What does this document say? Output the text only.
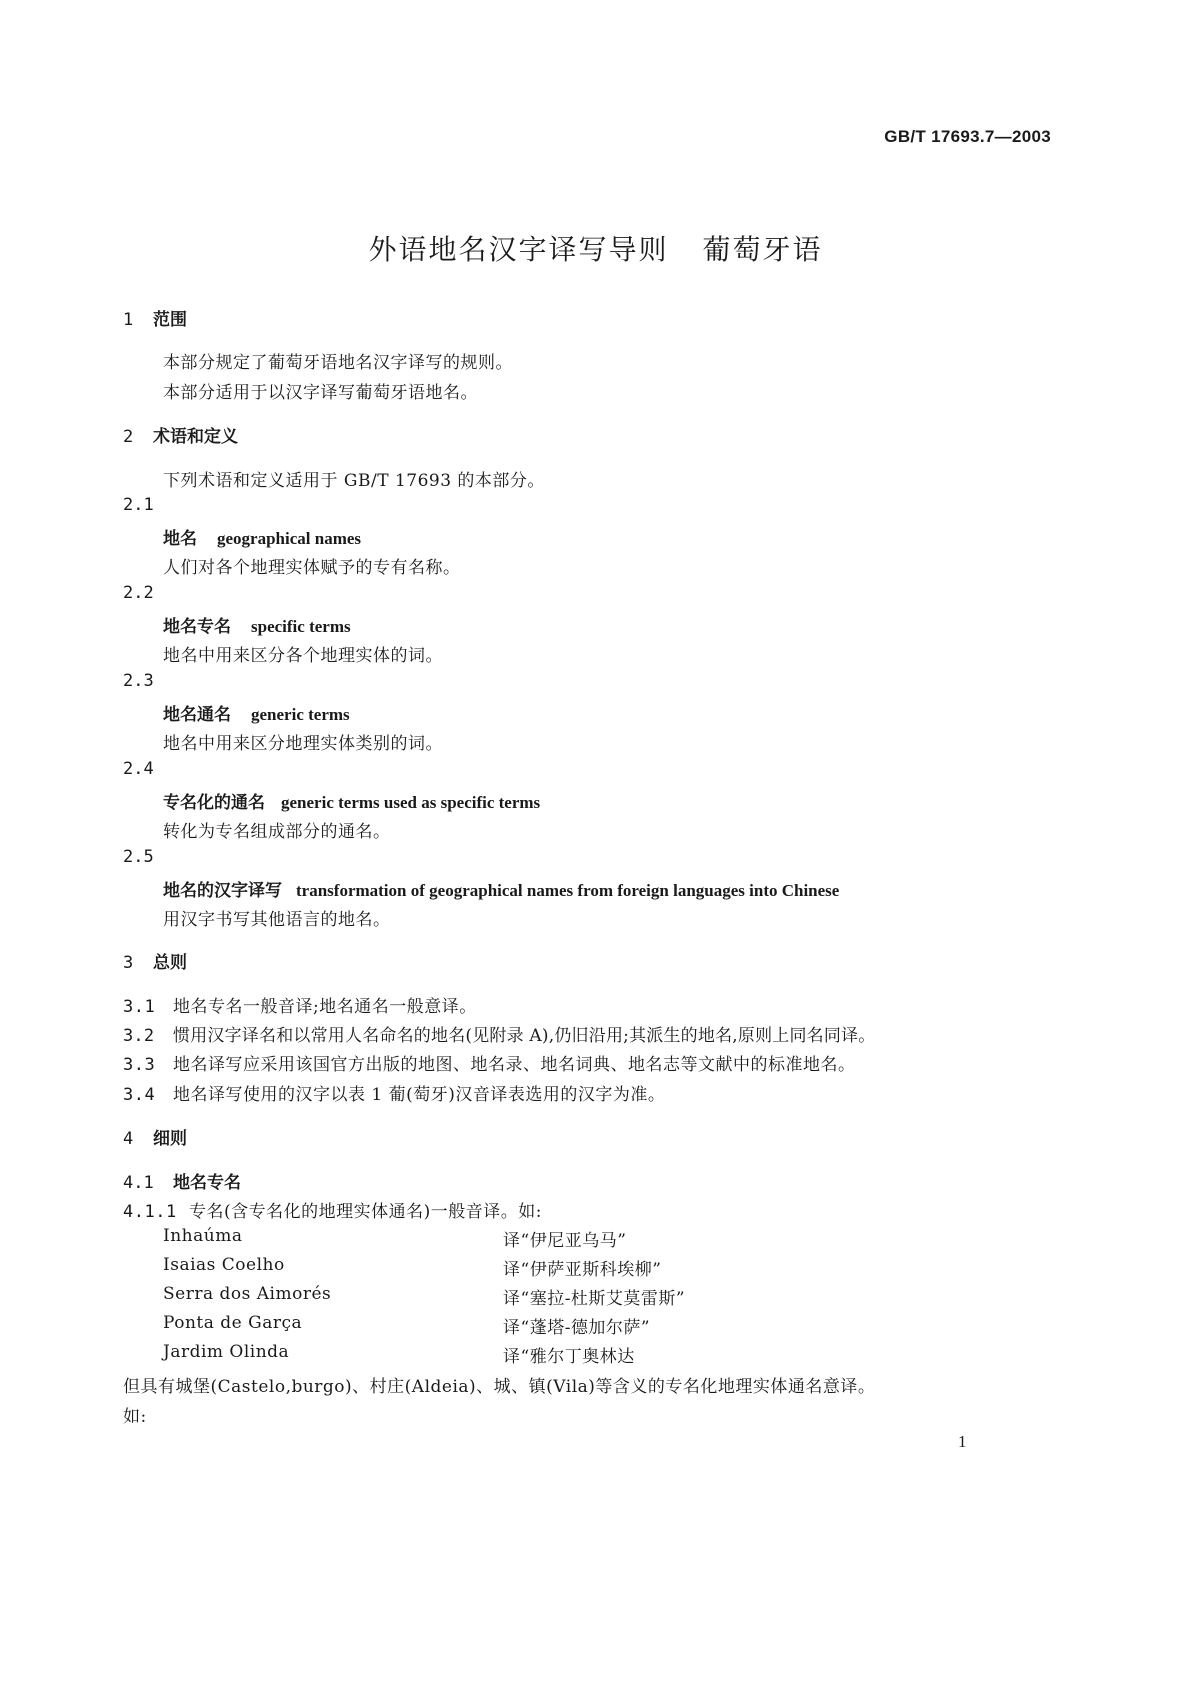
GB/T 17693.7—2003
外语地名汉字译写导则 葡萄牙语
1 范围
本部分规定了葡萄牙语地名汉字译写的规则。
本部分适用于以汉字译写葡萄牙语地名。
2 术语和定义
下列术语和定义适用于 GB/T 17693 的本部分。
2.1
地名 geographical names
人们对各个地理实体赋予的专有名称。
2.2
地名专名 specific terms
地名中用来区分各个地理实体的词。
2.3
地名通名 generic terms
地名中用来区分地理实体类别的词。
2.4
专名化的通名 generic terms used as specific terms
转化为专名组成部分的通名。
2.5
地名的汉字译写 transformation of geographical names from foreign languages into Chinese
用汉字书写其他语言的地名。
3 总则
3.1 地名专名一般音译;地名通名一般意译。
3.2 惯用汉字译名和以常用人名命名的地名(见附录 A),仍旧沿用;其派生的地名,原则上同名同译。
3.3 地名译写应采用该国官方出版的地图、地名录、地名词典、地名志等文献中的标准地名。
3.4 地名译写使用的汉字以表 1 葡(萄牙)汉音译表选用的汉字为准。
4 细则
4.1 地名专名
4.1.1 专名(含专名化的地理实体通名)一般音译。如:
Inhaúma	译“伊尼亚乌马”
Isaias Coelho	译“伊萨亚斯科埃柳”
Serra dos Aimorés	译“塞拉-杜斯艾莫雷斯”
Ponta de Garça	译“蓬塔-德加尔萨”
Jardim Olinda	译“雅尔丁奥林达
但具有城堡(Castelo,burgo)、村庄(Aldeia)、城、镇(Vila)等含义的专名化地理实体通名意译。
如:
1
